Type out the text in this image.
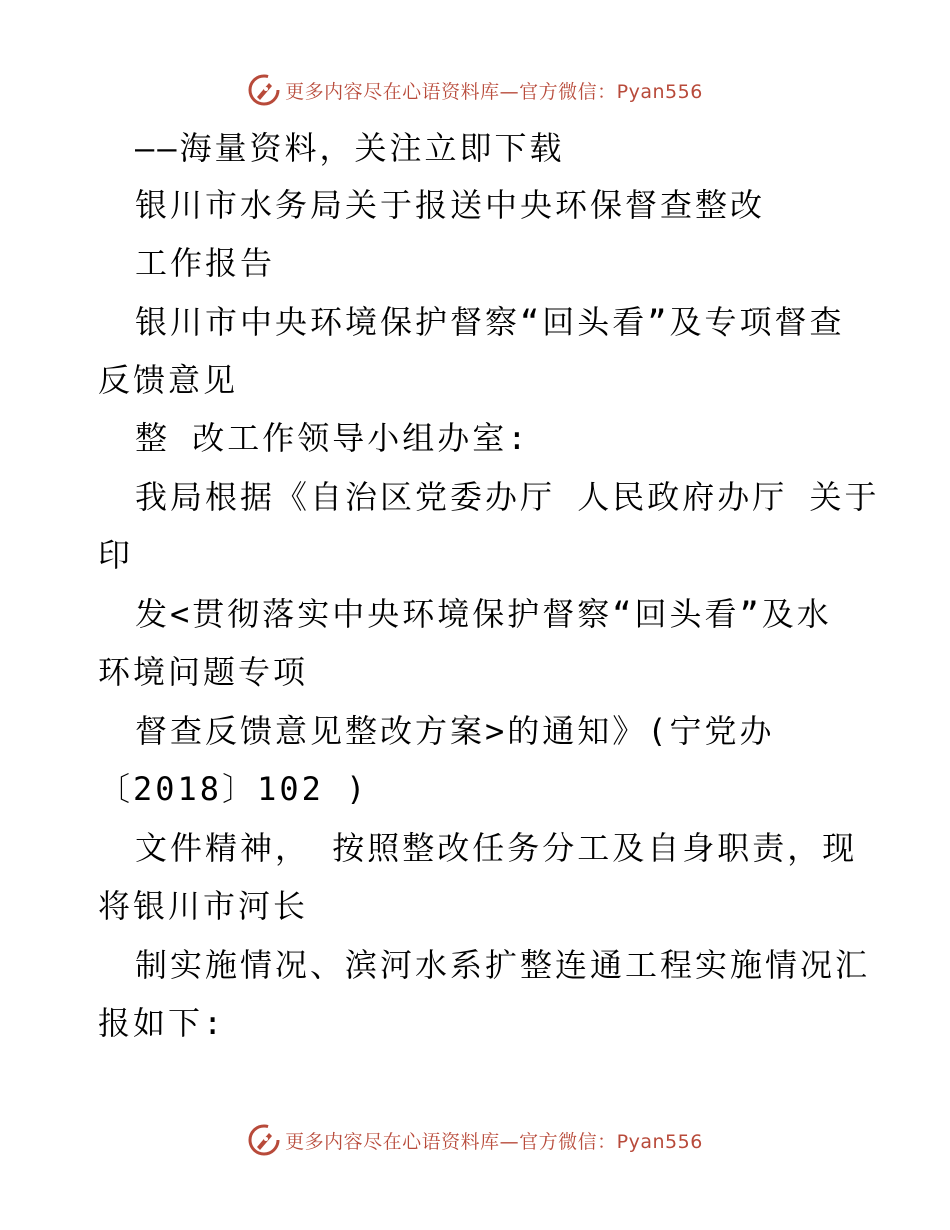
更多内容尽在心语资料库—官方微信：Pyan556
——海量资料，关注立即下载
银川市水务局关于报送中央环保督查整改
工作报告
银川市中央环境保护督察“回头看”及专项督查
反馈意见
整 改工作领导小组办室:
我局根据《自治区党委办厅 人民政府办厅 关于
印
发<贯彻落实中央环境保护督察“回头看”及水
环境问题专项
督查反馈意见整改方案>的通知》(宁党办
〔2018〕102 )
文件精神， 按照整改任务分工及自身职责，现
将银川市河长
制实施情况、滨河水系扩整连通工程实施情况汇
报如下:
更多内容尽在心语资料库—官方微信：Pyan556
